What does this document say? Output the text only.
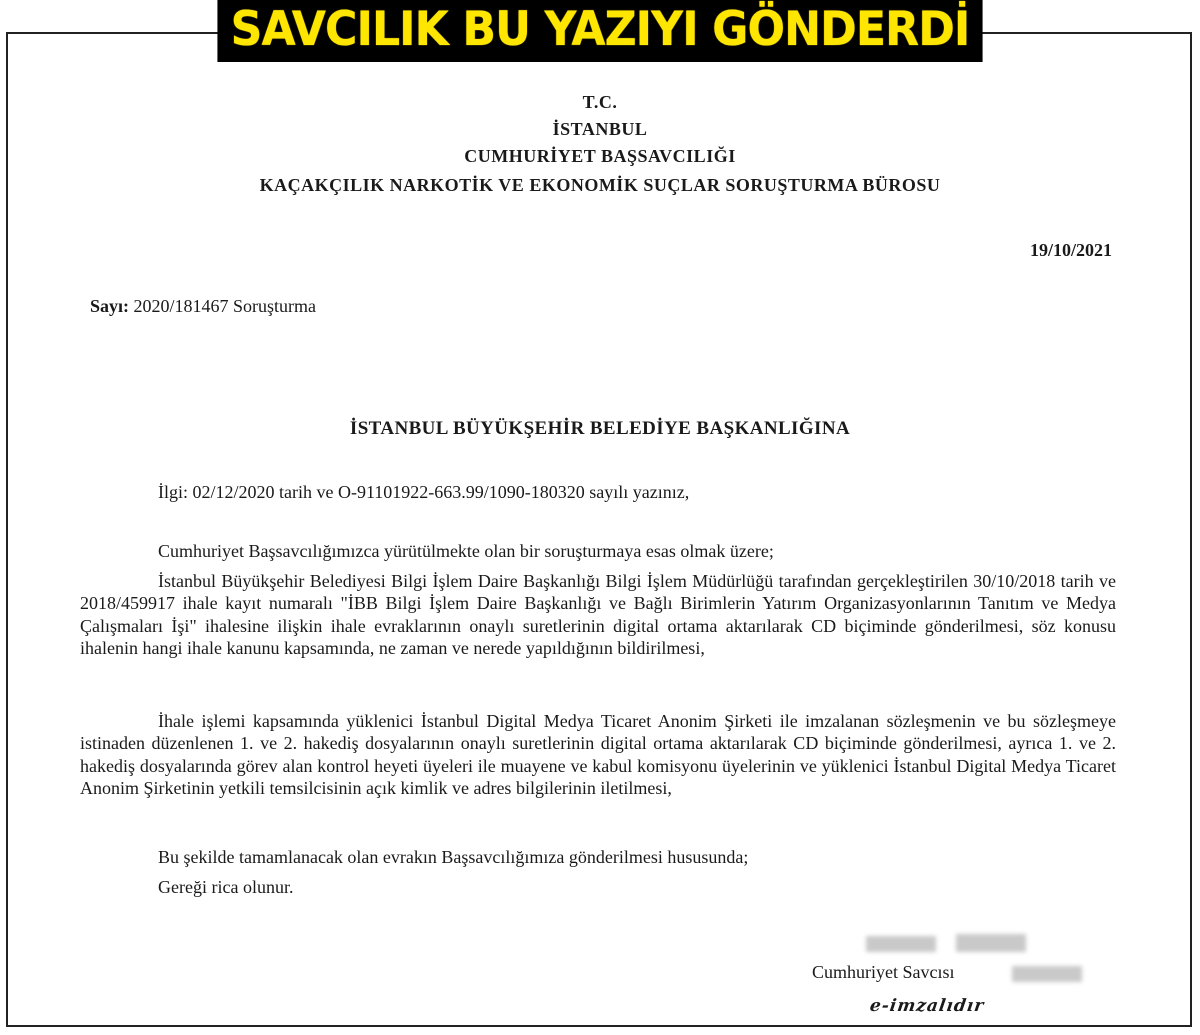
SAVCILIK BU YAZIYI GÖNDERDİ
T.C.
İSTANBUL
CUMHURİYET BAŞSAVCILIĞI
KAÇAKÇILIK NARKOTİK VE EKONOMİK SUÇLAR SORUŞTURMA BÜROSU
19/10/2021
Sayı: 2020/181467 Soruşturma
İSTANBUL BÜYÜKŞEHİR BELEDİYE BAŞKANLIĞINA
İlgi: 02/12/2020 tarih ve O-91101922-663.99/1090-180320 sayılı yazınız,

Cumhuriyet Başsavcılığımızca yürütülmekte olan bir soruşturmaya esas olmak üzere;

İstanbul Büyükşehir Belediyesi Bilgi İşlem Daire Başkanlığı Bilgi İşlem Müdürlüğü tarafından gerçekleştirilen 30/10/2018 tarih ve 2018/459917 ihale kayıt numaralı "İBB Bilgi İşlem Daire Başkanlığı ve Bağlı Birimlerin Yatırım Organizasyonlarının Tanıtım ve Medya Çalışmaları İşi" ihalesine ilişkin ihale evraklarının onaylı suretlerinin digital ortama aktarılarak CD biçiminde gönderilmesi, söz konusu ihalenin hangi ihale kanunu kapsamında, ne zaman ve nerede yapıldığının bildirilmesi,

İhale işlemi kapsamında yüklenici İstanbul Digital Medya Ticaret Anonim Şirketi ile imzalanan sözleşmenin ve bu sözleşmeye istinaden düzenlenen 1. ve 2. hakediş dosyalarının onaylı suretlerinin digital ortama aktarılarak CD biçiminde gönderilmesi, ayrıca 1. ve 2. hakediş dosyalarında görev alan kontrol heyeti üyeleri ile muayene ve kabul komisyonu üyelerinin ve yüklenici İstanbul Digital Medya Ticaret Anonim Şirketinin yetkili temsilcisinin açık kimlik ve adres bilgilerinin iletilmesi,

Bu şekilde tamamlanacak olan evrakın Başsavcılığımıza gönderilmesi hususunda;

Gereği rica olunur.

Cumhuriyet Savcısı
e-imzalıdır
